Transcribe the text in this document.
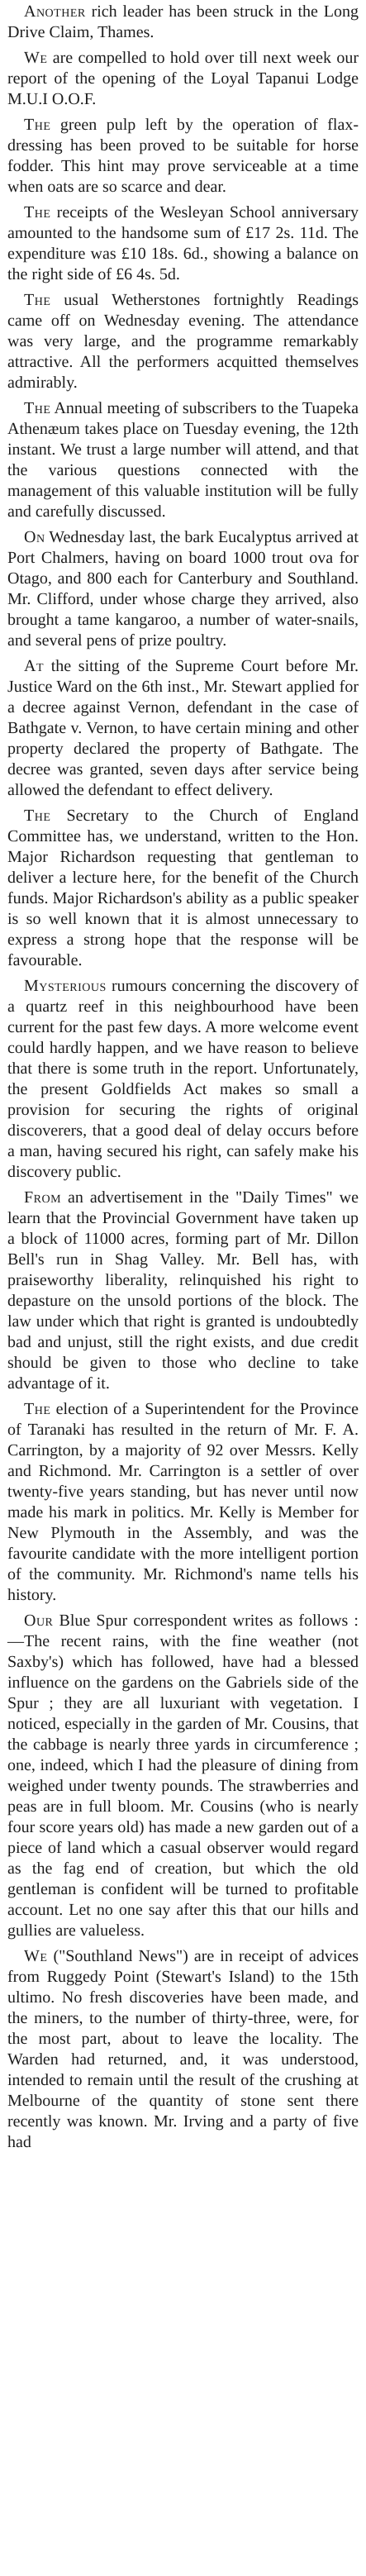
Another rich leader has been struck in the Long Drive Claim, Thames.

We are compelled to hold over till next week our report of the opening of the Loyal Tapanui Lodge M.U.I O.O.F.

The green pulp left by the operation of flax-dressing has been proved to be suitable for horse fodder. This hint may prove serviceable at a time when oats are so scarce and dear.

The receipts of the Wesleyan School anniversary amounted to the handsome sum of £17 2s. 11d. The expenditure was £10 18s. 6d., showing a balance on the right side of £6 4s. 5d.

The usual Wetherstones fortnightly Readings came off on Wednesday evening. The attendance was very large, and the programme remarkably attractive. All the performers acquitted themselves admirably.

The Annual meeting of subscribers to the Tuapeka Athenæum takes place on Tuesday evening, the 12th instant. We trust a large number will attend, and that the various questions connected with the management of this valuable institution will be fully and carefully discussed.

On Wednesday last, the bark Eucalyptus arrived at Port Chalmers, having on board 1000 trout ova for Otago, and 800 each for Canterbury and Southland. Mr. Clifford, under whose charge they arrived, also brought a tame kangaroo, a number of water-snails, and several pens of prize poultry.

At the sitting of the Supreme Court before Mr. Justice Ward on the 6th inst., Mr. Stewart applied for a decree against Vernon, defendant in the case of Bathgate v. Vernon, to have certain mining and other property declared the property of Bathgate. The decree was granted, seven days after service being allowed the defendant to effect delivery.

The Secretary to the Church of England Committee has, we understand, written to the Hon. Major Richardson requesting that gentleman to deliver a lecture here, for the benefit of the Church funds. Major Richardson's ability as a public speaker is so well known that it is almost unnecessary to express a strong hope that the response will be favourable.

Mysterious rumours concerning the discovery of a quartz reef in this neighbourhood have been current for the past few days. A more welcome event could hardly happen, and we have reason to believe that there is some truth in the report. Unfortunately, the present Goldfields Act makes so small a provision for securing the rights of original discoverers, that a good deal of delay occurs before a man, having secured his right, can safely make his discovery public.

From an advertisement in the "Daily Times" we learn that the Provincial Government have taken up a block of 11000 acres, forming part of Mr. Dillon Bell's run in Shag Valley. Mr. Bell has, with praiseworthy liberality, relinquished his right to depasture on the unsold portions of the block. The law under which that right is granted is undoubtedly bad and unjust, still the right exists, and due credit should be given to those who decline to take advantage of it.

The election of a Superintendent for the Province of Taranaki has resulted in the return of Mr. F. A. Carrington, by a majority of 92 over Messrs. Kelly and Richmond. Mr. Carrington is a settler of over twenty-five years standing, but has never until now made his mark in politics. Mr. Kelly is Member for New Plymouth in the Assembly, and was the favourite candidate with the more intelligent portion of the community. Mr. Richmond's name tells his history.

Our Blue Spur correspondent writes as follows :—The recent rains, with the fine weather (not Saxby's) which has followed, have had a blessed influence on the gardens on the Gabriels side of the Spur ; they are all luxuriant with vegetation. I noticed, especially in the garden of Mr. Cousins, that the cabbage is nearly three yards in circumference ; one, indeed, which I had the pleasure of dining from weighed under twenty pounds. The strawberries and peas are in full bloom. Mr. Cousins (who is nearly four score years old) has made a new garden out of a piece of land which a casual observer would regard as the fag end of creation, but which the old gentleman is confident will be turned to profitable account. Let no one say after this that our hills and gullies are valueless.

We ("Southland News") are in receipt of advices from Ruggedy Point (Stewart's Island) to the 15th ultimo. No fresh discoveries have been made, and the miners, to the number of thirty-three, were, for the most part, about to leave the locality. The Warden had returned, and, it was understood, intended to remain until the result of the crushing at Melbourne of the quantity of stone sent there recently was known. Mr. Irving and a party of five had
